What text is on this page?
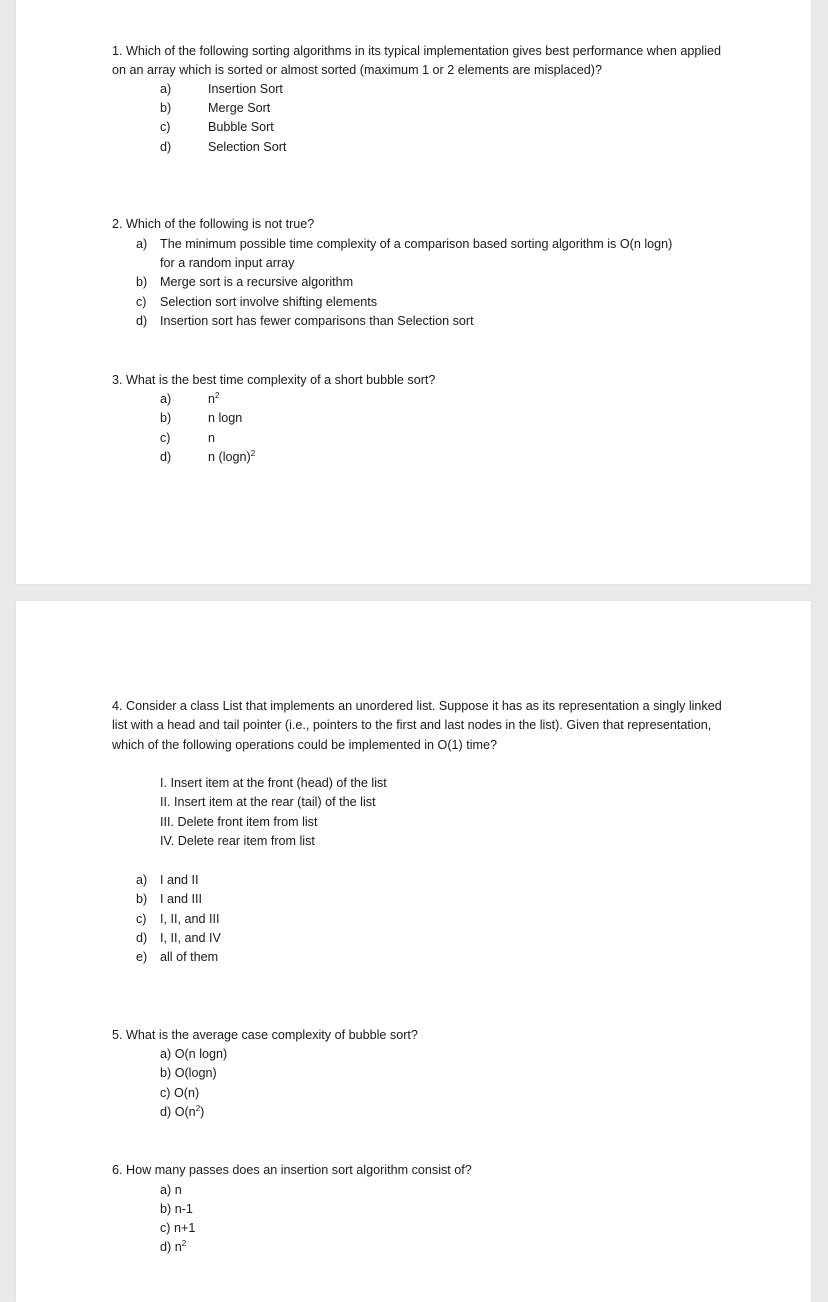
1. Which of the following sorting algorithms in its typical implementation gives best performance when applied on an array which is sorted or almost sorted (maximum 1 or 2 elements are misplaced)?
a)	Insertion Sort
b)	Merge Sort
c)	Bubble Sort
d)	Selection Sort
2. Which of the following is not true?
a) The minimum possible time complexity of a comparison based sorting algorithm is O(n logn)
for a random input array
b) Merge sort is a recursive algorithm
c) Selection sort involve shifting elements
d) Insertion sort has fewer comparisons than Selection sort
3. What is the best time complexity of a short bubble sort?
a)	$n^2$
b)	n logn
c)	n
d)	n $(\log n)^2$
4. Consider a class List that implements an unordered list. Suppose it has as its representation a singly linked list with a head and tail pointer (i.e., pointers to the first and last nodes in the list). Given that representation, which of the following operations could be implemented in O(1) time?
I. Insert item at the front (head) of the list
II. Insert item at the rear (tail) of the list
III. Delete front item from list
IV. Delete rear item from list
a) I and II
b) I and III
c) I, II, and III
d) I, II, and IV
e) all of them
5. What is the average case complexity of bubble sort?
a) O(n logn)
b) O(logn)
c) O(n)
d) $O(n^2)$
6. How many passes does an insertion sort algorithm consist of?
a) n
b) n-1
c) n+1
d) $n^2$
